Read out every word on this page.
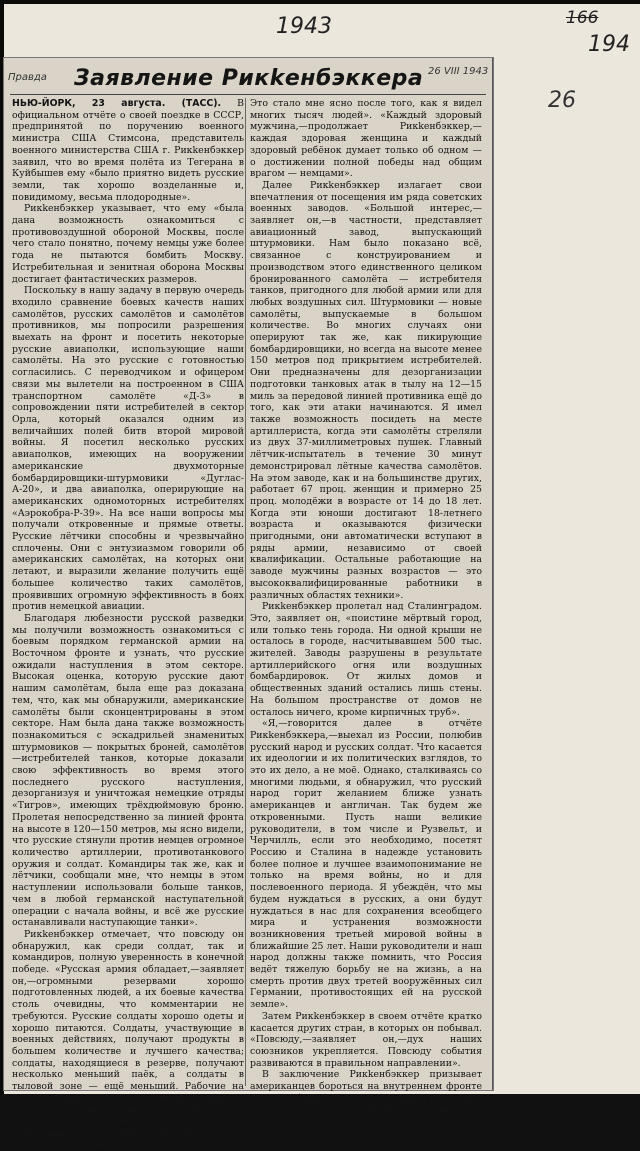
1943	166
194
26
Правда Заявление Рикkенбэккера 26 VIII 1943

НЬЮ-ЙОРК, 23 августа. (ТАСС). В официальном отчёте о своей поездке в СССР, предпринятой по поручению военного министра США Стимсона, представитель военного министерства США г. Рикkенбэккер заявил, что во время полёта из Тегерана в Куйбышев ему «было приятно видеть русские земли, так хорошо возделанные и, повидимому, весьма плодородные».

Рикkенбэккер указывает, что ему «была дана возможность ознакомиться с противовоздушной обороной Москвы, после чего стало понятно, почему немцы уже более года не пытаются бомбить Москву. Истребительная и зенитная оборона Москвы достигает фантастических размеров.

Поскольку в нашу задачу в первую очередь входило сравнение боевых качеств наших самолётов, русских самолётов и самолётов противников, мы попросили разрешения выехать на фронт и посетить некоторые русские авиаполки, использующие наши самолёты. На это русские с готовностью согласились. С переводчиком и офицером связи мы вылетели на построенном в США транспортном самолёте «Д-3» в сопровождении пяти истребителей в сектор Орла, который оказался одним из величайших полей битв второй мировой войны. Я посетил несколько русских авиаполков, имеющих на вооружении американские двухмоторные бомбардировщики-штурмовики «Дуглас-А-20», и два авиаполка, оперирующие на американских одномоторных истребителях «Аэрокобра-Р-39». На все наши вопросы мы получали откровенные и прямые ответы. Русские лётчики способны и чрезвычайно сплочены. Они с энтузиазмом говорили об американских самолётах, на которых они летают, и выразили желание получить ещё большее количество таких самолётов, проявивших огромную эффективность в боях против немецкой авиации.

Благодаря любезности русской разведки мы получили возможность ознакомиться с боевым порядком германской армии на Восточном фронте и узнать, что русские ожидали наступления в этом секторе. Высокая оценка, которую русские дают нашим самолётам, была еще раз доказана тем, что, как мы обнаружили, американские самолёты были сконцентрированы в этом секторе. Нам была дана также возможность познакомиться с эскадрильей знаменитых штурмовиков — покрытых броней, самолётов—истребителей танков, которые доказали свою эффективность во время этого последнего русского наступления, дезорганизуя и уничтожая немецкие отряды «Тигров», имеющих трёхдюймовую броню. Пролетая непосредственно за линией фронта на высоте в 120—150 метров, мы ясно видели, что русские стянули против немцев огромное количество артиллерии, противотанкового оружия и солдат. Командиры так же, как и лётчики, сообщали мне, что немцы в этом наступлении использовали больше танков, чем в любой германской наступательной операции с начала войны, и всё же русские останавливали наступающие танки».

Рикkенбэккер отмечает, что повсюду он обнаружил, как среди солдат, так и командиров, полную уверенность в конечной победе. «Русская армия обладает,—заявляет он,—огромными резервами хорошо подготовленных людей, а их боевые качества столь очевидны, что комментарии не требуются. Русские солдаты хорошо одеты и хорошо питаются. Солдаты, участвующие в военных действиях, получают продукты в большем количестве и лучшего качества; солдаты, находящиеся в резерве, получают несколько меньший паёк, а солдаты в тыловой зоне — ещё меньший. Рабочие на заводах также получают меньше продуктов, чем солдаты на фронте, но в общем все получают достаточно продуктов, чтобы поддерживать хорошее физическое и моральное состояние.

Это стало мне ясно после того, как я видел многих тысяч людей». «Каждый здоровый мужчина,—продолжает Рикkенбэккер,—каждая здоровая женщина и каждый здоровый ребёнок думает только об одном — о достижении полной победы над общим врагом — немцами».

Далее Рикkенбэккер излагает свои впечатления от посещения им ряда советских военных заводов. «Большой интерес,—заявляет он,—в частности, представляет авиационный завод, выпускающий штурмовики. Нам было показано всё, связанное с конструированием и производством этого единственного целиком бронированного самолёта — истребителя танков, пригодного для любой армии или для любых воздушных сил. Штурмовики — новые самолёты, выпускаемые в большом количестве. Во многих случаях они оперируют так же, как пикирующие бомбардировщики, но всегда на высоте менее 150 метров под прикрытием истребителей. Они предназначены для дезорганизации подготовки танковых атак в тылу на 12—15 миль за передовой линией противника ещё до того, как эти атаки начинаются. Я имел также возможность посидеть на месте артиллериста, когда эти самолёты стреляли из двух 37-миллиметровых пушек. Главный лётчик-испытатель в течение 30 минут демонстрировал лётные качества самолётов. На этом заводе, как и на большинстве других, работает 67 проц. женщин и примерно 25 проц. молодёжи в возрасте от 14 до 18 лет. Когда эти юноши достигают 18-летнего возраста и оказываются физически пригодными, они автоматически вступают в ряды армии, независимо от своей квалификации. Остальные работающие на заводе мужчины разных возрастов — это высококвалифицированные работники в различных областях техники».

Рикkенбэккер пролетал над Сталинградом. Это, заявляет он, «поистине мёртвый город, или только тень города. Ни одной крыши не осталось в городе, насчитывавшем 500 тыс. жителей. Заводы разрушены в результате артиллерийского огня или воздушных бомбардировок. От жилых домов и общественных зданий остались лишь стены. На большом пространстве от домов не осталось ничего, кроме кирпичных труб».

«Я,—говорится далее в отчёте Рикkенбэккера,—выехал из России, полюбив русский народ и русских солдат. Что касается их идеологии и их политических взглядов, то это их дело, а не моё. Однако, сталкиваясь со многими людьми, я обнаружил, что русский народ горит желанием ближе узнать американцев и англичан. Так будем же откровенными. Пусть наши великие руководители, в том числе и Рузвельт, и Черчилль, если это необходимо, посетят Россию и Сталина в надежде установить более полное и лучшее взаимопонимание не только на время войны, но и для послевоенного периода. Я убеждён, что мы будем нуждаться в русских, а они будут нуждаться в нас для сохранения всеобщего мира и устранения возможности возникновения третьей мировой войны в ближайшие 25 лет. Наши руководители и наш народ должны также помнить, что Россия ведёт тяжелую борьбу не на жизнь, а на смерть против двух третей вооружённых сил Германии, противостоящих ей на русской земле».

Затем Рикkенбэккер в своем отчёте кратко касается других стран, в которых он побывал. «Повсюду,—заявляет он,—дух наших союзников укрепляется. Повсюду события развиваются в правильном направлении».

В заключение Рикkенбэккер призывает американцев бороться на внутреннем фронте так, как борются солдаты, моряки и лётчики для того, чтобы сократить продолжительность войны.
